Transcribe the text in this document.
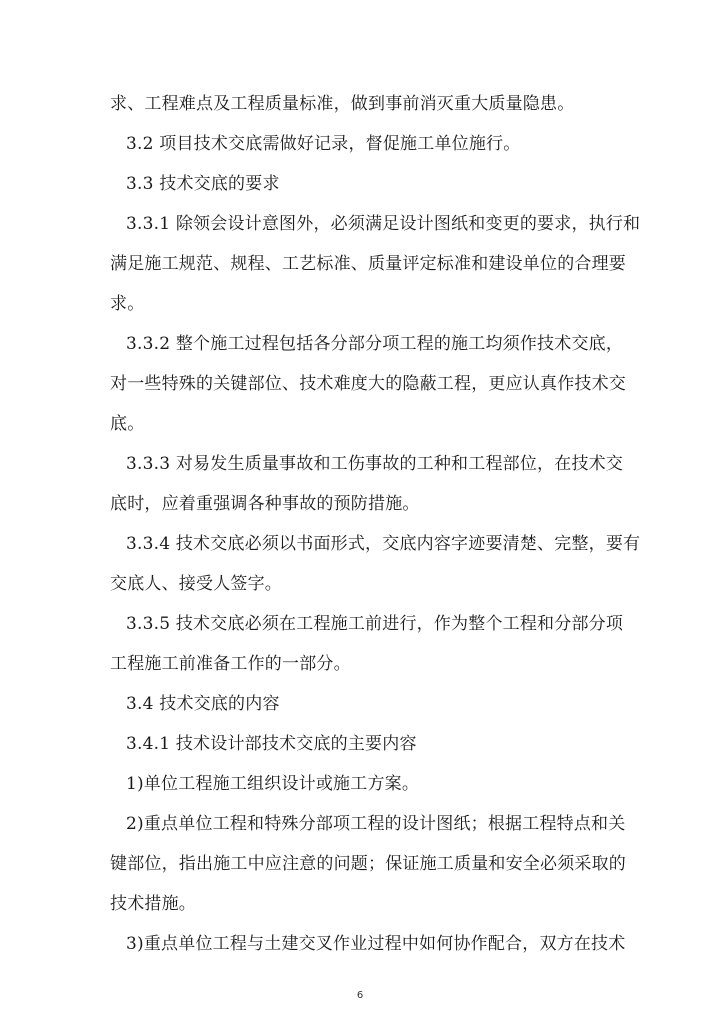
求、工程难点及工程质量标准，做到事前消灭重大质量隐患。
3.2 项目技术交底需做好记录，督促施工单位施行。
3.3 技术交底的要求
3.3.1 除领会设计意图外，必须满足设计图纸和变更的要求，执行和
满足施工规范、规程、工艺标准、质量评定标准和建设单位的合理要
求。
3.3.2 整个施工过程包括各分部分项工程的施工均须作技术交底，
对一些特殊的关键部位、技术难度大的隐蔽工程，更应认真作技术交
底。
3.3.3 对易发生质量事故和工伤事故的工种和工程部位，在技术交
底时，应着重强调各种事故的预防措施。
3.3.4 技术交底必须以书面形式，交底内容字迹要清楚、完整，要有
交底人、接受人签字。
3.3.5 技术交底必须在工程施工前进行，作为整个工程和分部分项
工程施工前准备工作的一部分。
3.4 技术交底的内容
3.4.1 技术设计部技术交底的主要内容
1)单位工程施工组织设计或施工方案。
2)重点单位工程和特殊分部项工程的设计图纸；根据工程特点和关
键部位，指出施工中应注意的问题；保证施工质量和安全必须采取的
技术措施。
3)重点单位工程与土建交叉作业过程中如何协作配合，双方在技术
6
